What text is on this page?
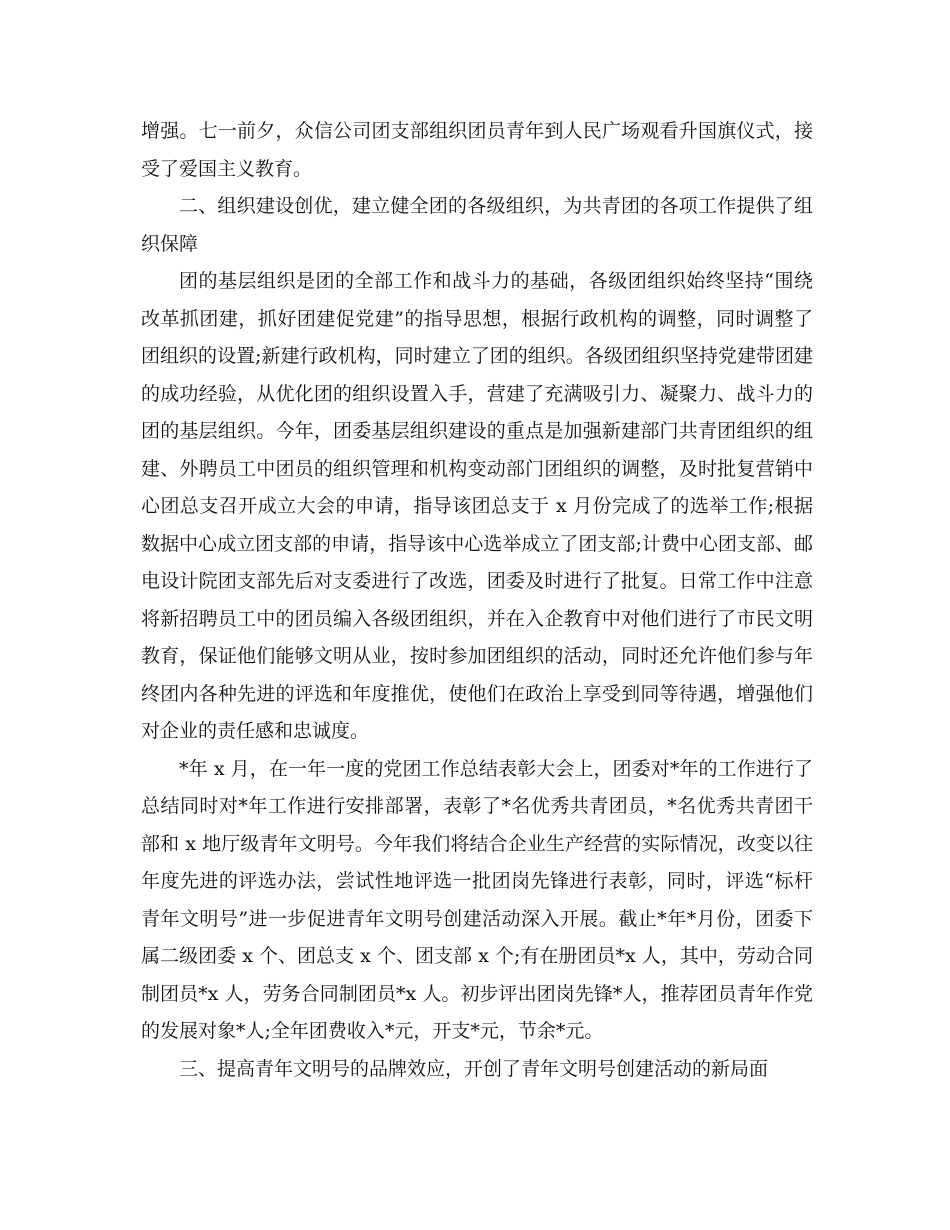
增强。七一前夕，众信公司团支部组织团员青年到人民广场观看升国旗仪式，接受了爱国主义教育。

二、组织建设创优，建立健全团的各级组织，为共青团的各项工作提供了组织保障

团的基层组织是团的全部工作和战斗力的基础，各级团组织始终坚持“围绕改革抓团建，抓好团建促党建”的指导思想，根据行政机构的调整，同时调整了团组织的设置;新建行政机构，同时建立了团的组织。各级团组织坚持党建带团建的成功经验，从优化团的组织设置入手，营建了充满吸引力、凝聚力、战斗力的团的基层组织。今年，团委基层组织建设的重点是加强新建部门共青团组织的组建、外聘员工中团员的组织管理和机构变动部门团组织的调整，及时批复营销中心团总支召开成立大会的申请，指导该团总支于 x 月份完成了的选举工作;根据数据中心成立团支部的申请，指导该中心选举成立了团支部;计费中心团支部、邮电设计院团支部先后对支委进行了改选，团委及时进行了批复。日常工作中注意将新招聘员工中的团员编入各级团组织，并在入企教育中对他们进行了市民文明教育，保证他们能够文明从业，按时参加团组织的活动，同时还允许他们参与年终团内各种先进的评选和年度推优，使他们在政治上享受到同等待遇，增强他们对企业的责任感和忠诚度。

*年 x 月，在一年一度的党团工作总结表彰大会上，团委对*年的工作进行了总结同时对*年工作进行安排部署，表彰了*名优秀共青团员，*名优秀共青团干部和 x 地厅级青年文明号。今年我们将结合企业生产经营的实际情况，改变以往年度先进的评选办法，尝试性地评选一批团岗先锋进行表彰，同时，评选“标杆青年文明号”进一步促进青年文明号创建活动深入开展。截止*年*月份，团委下属二级团委 x 个、团总支 x 个、团支部 x 个;有在册团员*x 人，其中，劳动合同制团员*x 人，劳务合同制团员*x 人。初步评出团岗先锋*人，推荐团员青年作党的发展对象*人;全年团费收入*元，开支*元，节余*元。

三、提高青年文明号的品牌效应，开创了青年文明号创建活动的新局面
